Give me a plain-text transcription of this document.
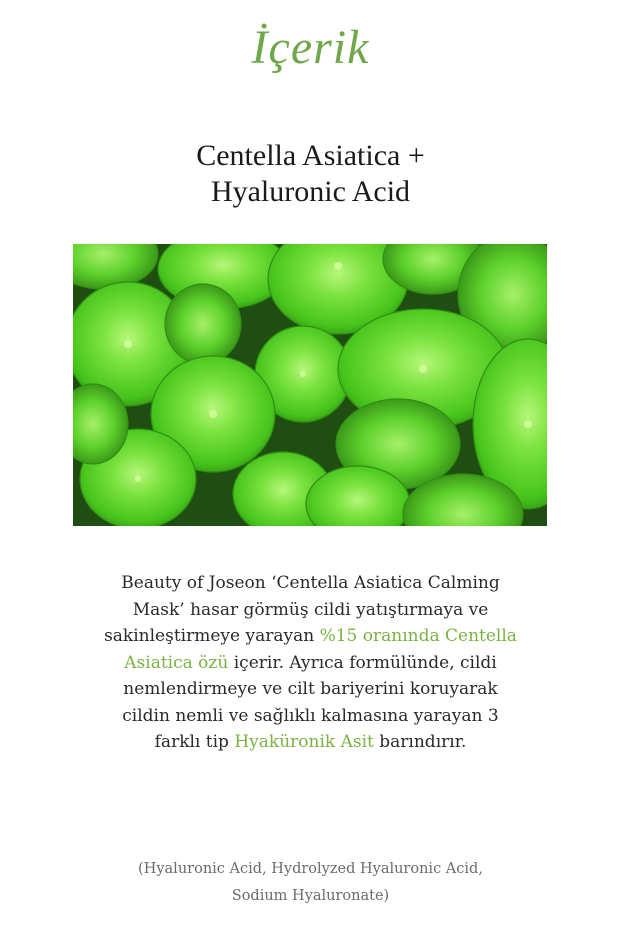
İçerik
Centella Asiatica +
Hyaluronic Acid
Beauty of Joseon ‘Centella Asiatica Calming Mask’ hasar görmüş cildi yatıştırmaya ve sakinleştirmeye yarayan %15 oranında Centella Asiatica özü içerir. Ayrıca formülünde, cildi nemlendirmeye ve cilt bariyerini koruyarak cildin nemli ve sağlıklı kalmasına yarayan 3 farklı tip Hyaküronik Asit barındırır.
(Hyaluronic Acid, Hydrolyzed Hyaluronic Acid,
Sodium Hyaluronate)
